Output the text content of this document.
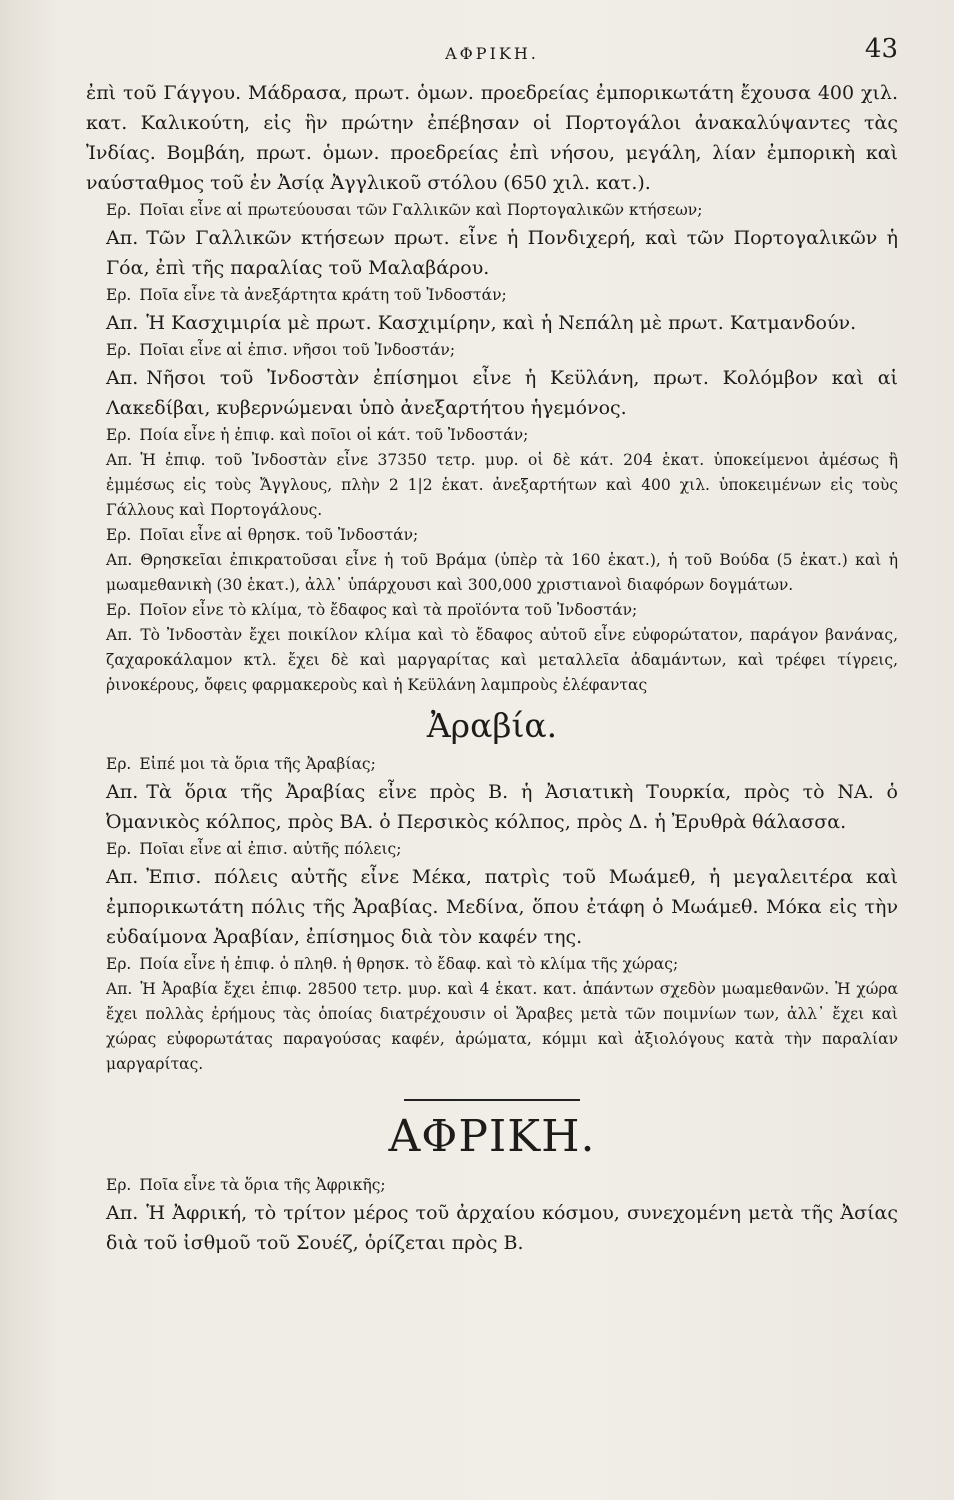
ΑΦΡΙΚΗ.	43

ἐπὶ τοῦ Γάγγου. Μάδρασα, πρωτ. ὁμων. προεδρείας ἐμπορικωτάτη ἔχουσα 400 χιλ. κατ. Καλικούτη, εἰς ἣν πρώτην ἐπέβησαν οἱ Πορτογάλοι ἀνακαλύψαντες τὰς Ἰνδίας. Βομβάη, πρωτ. ὁμων. προεδρείας ἐπὶ νήσου, μεγάλη, λίαν ἐμπορικὴ καὶ ναύσταθμος τοῦ ἐν Ἀσίᾳ Ἀγγλικοῦ στόλου (650 χιλ. κατ.).

Ερ. Ποῖαι εἶνε αἱ πρωτεύουσαι τῶν Γαλλικῶν καὶ Πορτογαλικῶν κτήσεων;

Απ. Τῶν Γαλλικῶν κτήσεων πρωτ. εἶνε ἡ Πονδιχερή, καὶ τῶν Πορτογαλικῶν ἡ Γόα, ἐπὶ τῆς παραλίας τοῦ Μαλαβάρου.

Ερ. Ποῖα εἶνε τὰ ἀνεξάρτητα κράτη τοῦ Ἰνδοστάν;

Απ. Ἡ Κασχιμιρία μὲ πρωτ. Κασχιμίρην, καὶ ἡ Νεπάλη μὲ πρωτ. Κατμανδούν.

Ερ. Ποῖαι εἶνε αἱ ἐπισ. νῆσοι τοῦ Ἰνδοστάν;

Απ. Νῆσοι τοῦ Ἰνδοστὰν ἐπίσημοι εἶνε ἡ Κεϋλάνη, πρωτ. Κολόμβον καὶ αἱ Λακεδίβαι, κυβερνώμεναι ὑπὸ ἀνεξαρτήτου ἡγεμόνος.

Ερ. Ποία εἶνε ἡ ἐπιφ. καὶ ποῖοι οἱ κάτ. τοῦ Ἰνδοστάν;

Απ. Ἡ ἐπιφ. τοῦ Ἰνδοστὰν εἶνε 37350 τετρ. μυρ. οἱ δὲ κάτ. 204 ἑκατ. ὑποκείμενοι ἀμέσως ἢ ἐμμέσως εἰς τοὺς Ἄγγλους, πλὴν 2 1|2 ἑκατ. ἀνεξαρτήτων καὶ 400 χιλ. ὑποκειμένων εἰς τοὺς Γάλλους καὶ Πορτογάλους.

Ερ. Ποῖαι εἶνε αἱ θρησκ. τοῦ Ἰνδοστάν;

Απ. Θρησκεῖαι ἐπικρατοῦσαι εἶνε ἡ τοῦ Βράμα (ὑπὲρ τὰ 160 ἑκατ.), ἡ τοῦ Βούδα (5 ἑκατ.) καὶ ἡ μωαμεθανικὴ (30 ἑκατ.), ἀλλ᾽ ὑπάρχουσι καὶ 300,000 χριστιανοὶ διαφόρων δογμάτων.

Ερ. Ποῖον εἶνε τὸ κλίμα, τὸ ἔδαφος καὶ τὰ προϊόντα τοῦ Ἰνδοστάν;

Απ. Τὸ Ἰνδοστὰν ἔχει ποικίλον κλίμα καὶ τὸ ἔδαφος αὐτοῦ εἶνε εὐφορώτατον, παράγον βανάνας, ζαχαροκάλαμον κτλ. ἔχει δὲ καὶ μαργαρίτας καὶ μεταλλεῖα ἀδαμάντων, καὶ τρέφει τίγρεις, ῥινοκέρους, ὄφεις φαρμακεροὺς καὶ ἡ Κεϋλάνη λαμπροὺς ἐλέφαντας

Ἀραβία.

Ερ. Εἰπέ μοι τὰ ὅρια τῆς Ἀραβίας;

Απ. Τὰ ὅρια τῆς Ἀραβίας εἶνε πρὸς Β. ἡ Ἀσιατικὴ Τουρκία, πρὸς τὸ ΝΑ. ὁ Ὀμανικὸς κόλπος, πρὸς ΒΑ. ὁ Περσικὸς κόλπος, πρὸς Δ. ἡ Ἐρυθρὰ θάλασσα.

Ερ. Ποῖαι εἶνε αἱ ἐπισ. αὐτῆς πόλεις;

Απ. Ἐπισ. πόλεις αὐτῆς εἶνε Μέκα, πατρὶς τοῦ Μωάμεθ, ἡ μεγαλειτέρα καὶ ἐμπορικωτάτη πόλις τῆς Ἀραβίας. Μεδίνα, ὅπου ἐτάφη ὁ Μωάμεθ. Μόκα εἰς τὴν εὐδαίμονα Ἀραβίαν, ἐπίσημος διὰ τὸν καφέν της.

Ερ. Ποία εἶνε ἡ ἐπιφ. ὁ πληθ. ἡ θρησκ. τὸ ἔδαφ. καὶ τὸ κλίμα τῆς χώρας;

Απ. Ἡ Ἀραβία ἔχει ἐπιφ. 28500 τετρ. μυρ. καὶ 4 ἑκατ. κατ. ἁπάντων σχεδὸν μωαμεθανῶν. Ἡ χώρα ἔχει πολλὰς ἐρήμους τὰς ὁποίας διατρέχουσιν οἱ Ἄραβες μετὰ τῶν ποιμνίων των, ἀλλ᾽ ἔχει καὶ χώρας εὐφορωτάτας παραγούσας καφέν, ἀρώματα, κόμμι καὶ ἀξιολόγους κατὰ τὴν παραλίαν μαργαρίτας.

ΑΦΡΙΚΗ.

Ερ. Ποῖα εἶνε τὰ ὅρια τῆς Ἀφρικῆς;

Απ. Ἡ Ἀφρική, τὸ τρίτον μέρος τοῦ ἀρχαίου κόσμου, συνεχομένη μετὰ τῆς Ἀσίας διὰ τοῦ ἰσθμοῦ τοῦ Σουέζ, ὁρίζεται πρὸς Β.
